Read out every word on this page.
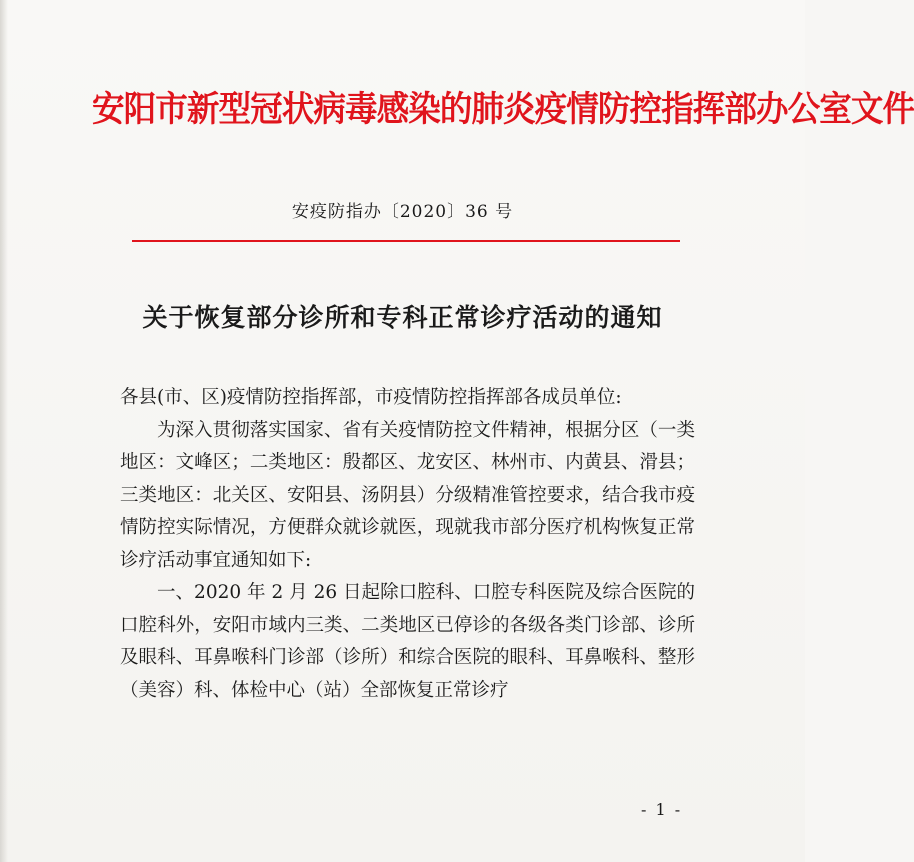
安阳市新型冠状病毒感染的肺炎疫情防控指挥部办公室文件
安疫防指办〔2020〕36 号
关于恢复部分诊所和专科正常诊疗活动的通知

各县(市、区)疫情防控指挥部，市疫情防控指挥部各成员单位:

为深入贯彻落实国家、省有关疫情防控文件精神，根据分区（一类地区：文峰区；二类地区：殷都区、龙安区、林州市、内黄县、滑县；三类地区：北关区、安阳县、汤阴县）分级精准管控要求，结合我市疫情防控实际情况，方便群众就诊就医，现就我市部分医疗机构恢复正常诊疗活动事宜通知如下:

一、2020 年 2 月 26 日起除口腔科、口腔专科医院及综合医院的口腔科外，安阳市域内三类、二类地区已停诊的各级各类门诊部、诊所及眼科、耳鼻喉科门诊部（诊所）和综合医院的眼科、耳鼻喉科、整形（美容）科、体检中心（站）全部恢复正常诊疗

- 1 -
